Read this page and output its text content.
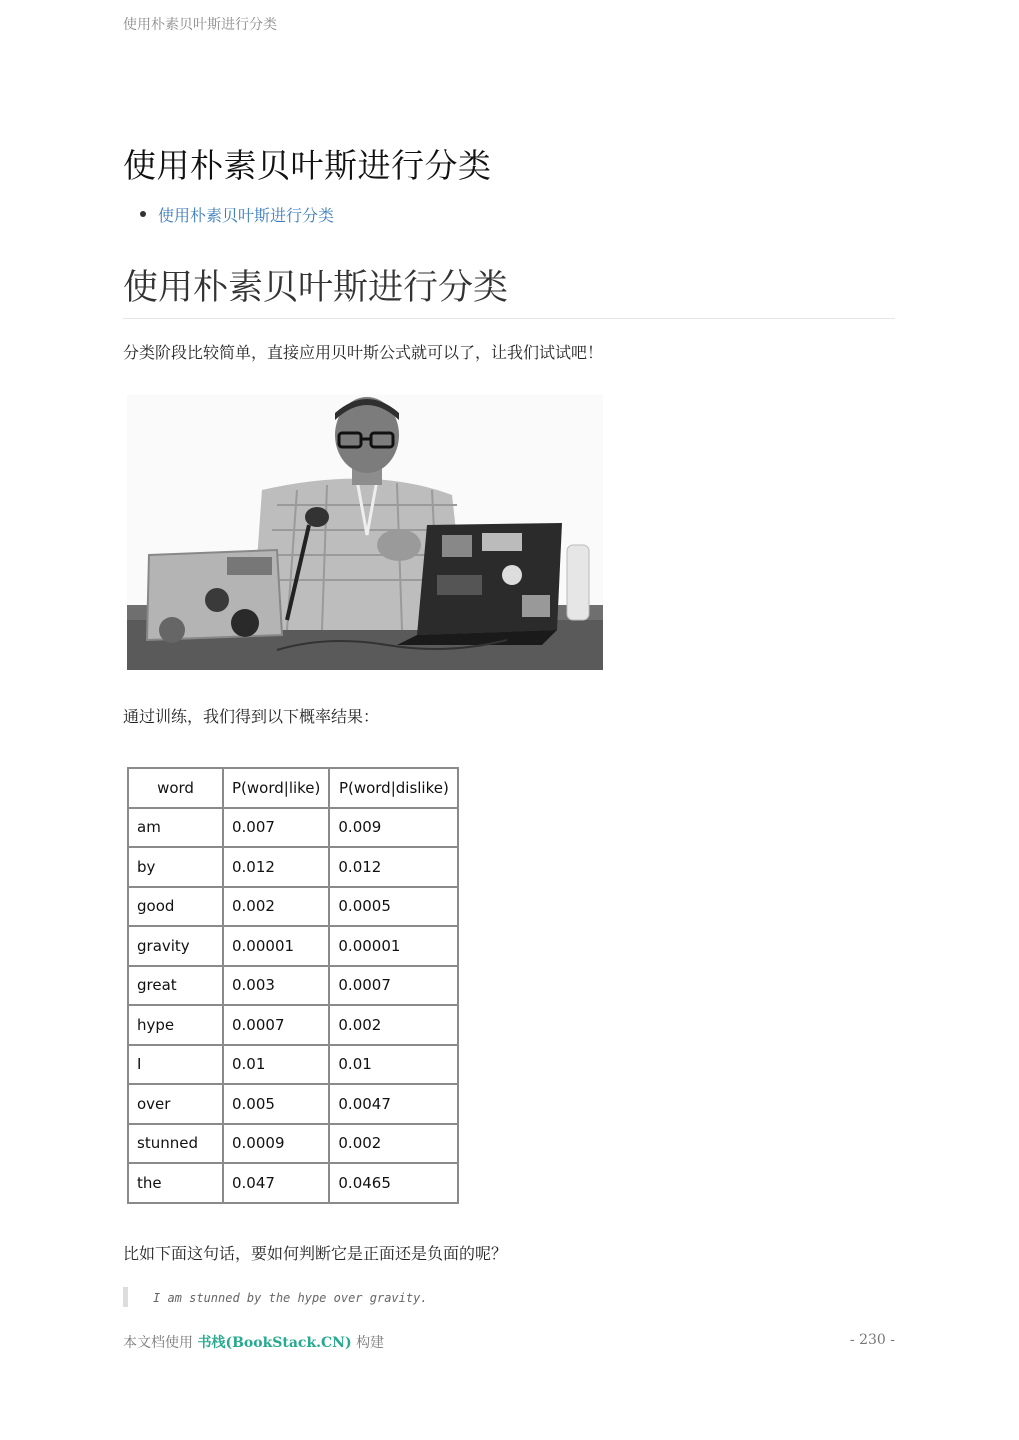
使用朴素贝叶斯进行分类
使用朴素贝叶斯进行分类
使用朴素贝叶斯进行分类
使用朴素贝叶斯进行分类

分类阶段比较简单，直接应用贝叶斯公式就可以了，让我们试试吧！

通过训练，我们得到以下概率结果：

word	P(word|like)	P(word|dislike)
am	0.007	0.009
by	0.012	0.012
good	0.002	0.0005
gravity	0.00001	0.00001
great	0.003	0.0007
hype	0.0007	0.002
I	0.01	0.01
over	0.005	0.0047
stunned	0.0009	0.002
the	0.047	0.0465

比如下面这句话，要如何判断它是正面还是负面的呢？

I am stunned by the hype over gravity.
本文档使用 书栈(BookStack.CN) 构建	- 230 -
